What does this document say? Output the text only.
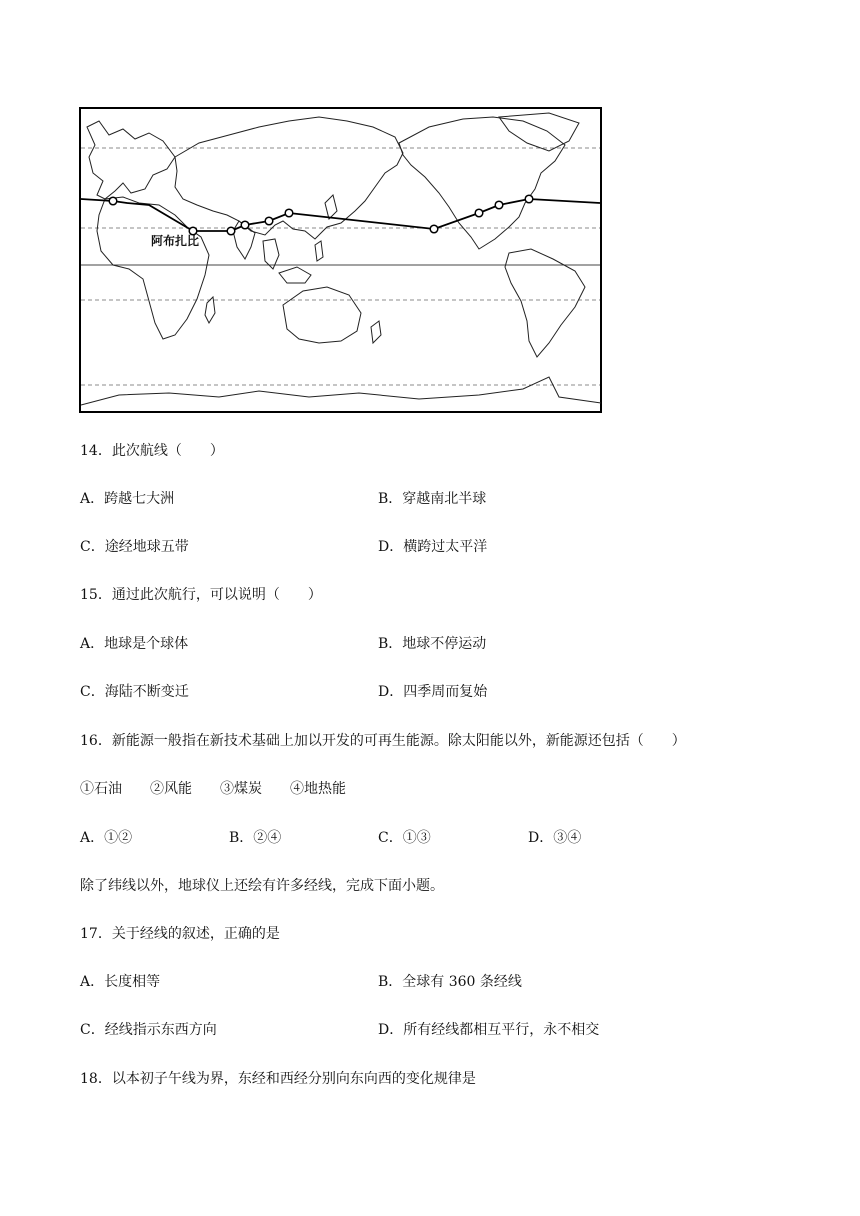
阿布扎比
14．此次航线（　　）
A．跨越七大洲	B．穿越南北半球
C．途经地球五带	D．横跨过太平洋
15．通过此次航行，可以说明（　　）
A．地球是个球体	B．地球不停运动
C．海陆不断变迁	D．四季周而复始
16．新能源一般指在新技术基础上加以开发的可再生能源。除太阳能以外，新能源还包括（　　）
①石油　　②风能　　③煤炭　　④地热能
A．①②	B．②④	C．①③	D．③④
除了纬线以外，地球仪上还绘有许多经线，完成下面小题。
17．关于经线的叙述，正确的是
A．长度相等	B．全球有 360 条经线
C．经线指示东西方向	D．所有经线都相互平行，永不相交
18．以本初子午线为界，东经和西经分别向东向西的变化规律是
